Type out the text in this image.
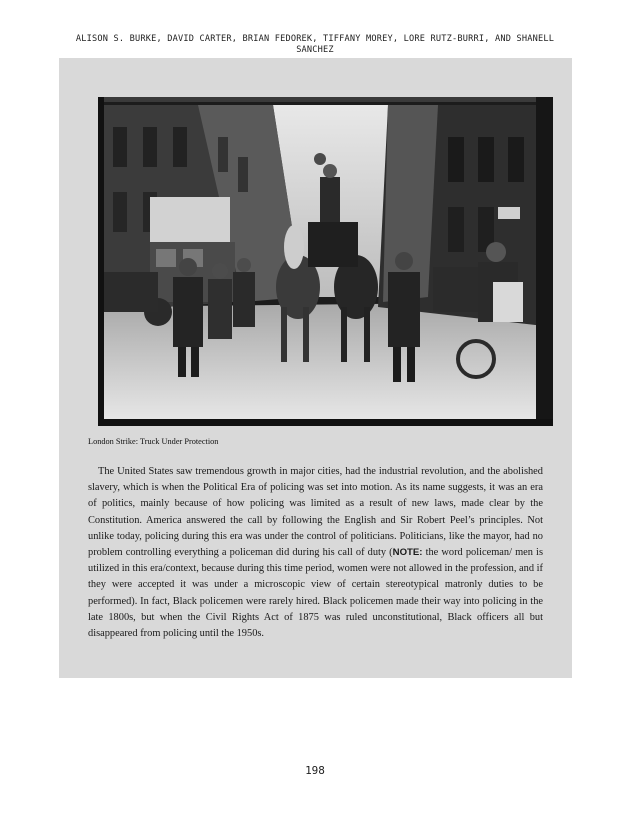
ALISON S. BURKE, DAVID CARTER, BRIAN FEDOREK, TIFFANY MOREY, LORE RUTZ-BURRI, AND SHANELL SANCHEZ
London Strike: Truck Under Protection

The United States saw tremendous growth in major cities, had the industrial revolution, and the abolished slavery, which is when the Political Era of policing was set into motion. As its name suggests, it was an era of politics, mainly because of how policing was limited as a result of new laws, made clear by the Constitution. America answered the call by following the English and Sir Robert Peel’s principles. Not unlike today, policing during this era was under the control of politicians. Politicians, like the mayor, had no problem controlling everything a policeman did during his call of duty (NOTE: the word policeman/ men is utilized in this era/context, because during this time period, women were not allowed in the profession, and if they were accepted it was under a microscopic view of certain stereotypical matronly duties to be performed). In fact, Black policemen were rarely hired. Black policemen made their way into policing in the late 1800s, but when the Civil Rights Act of 1875 was ruled unconstitutional, Black officers all but disappeared from policing until the 1950s.

198
